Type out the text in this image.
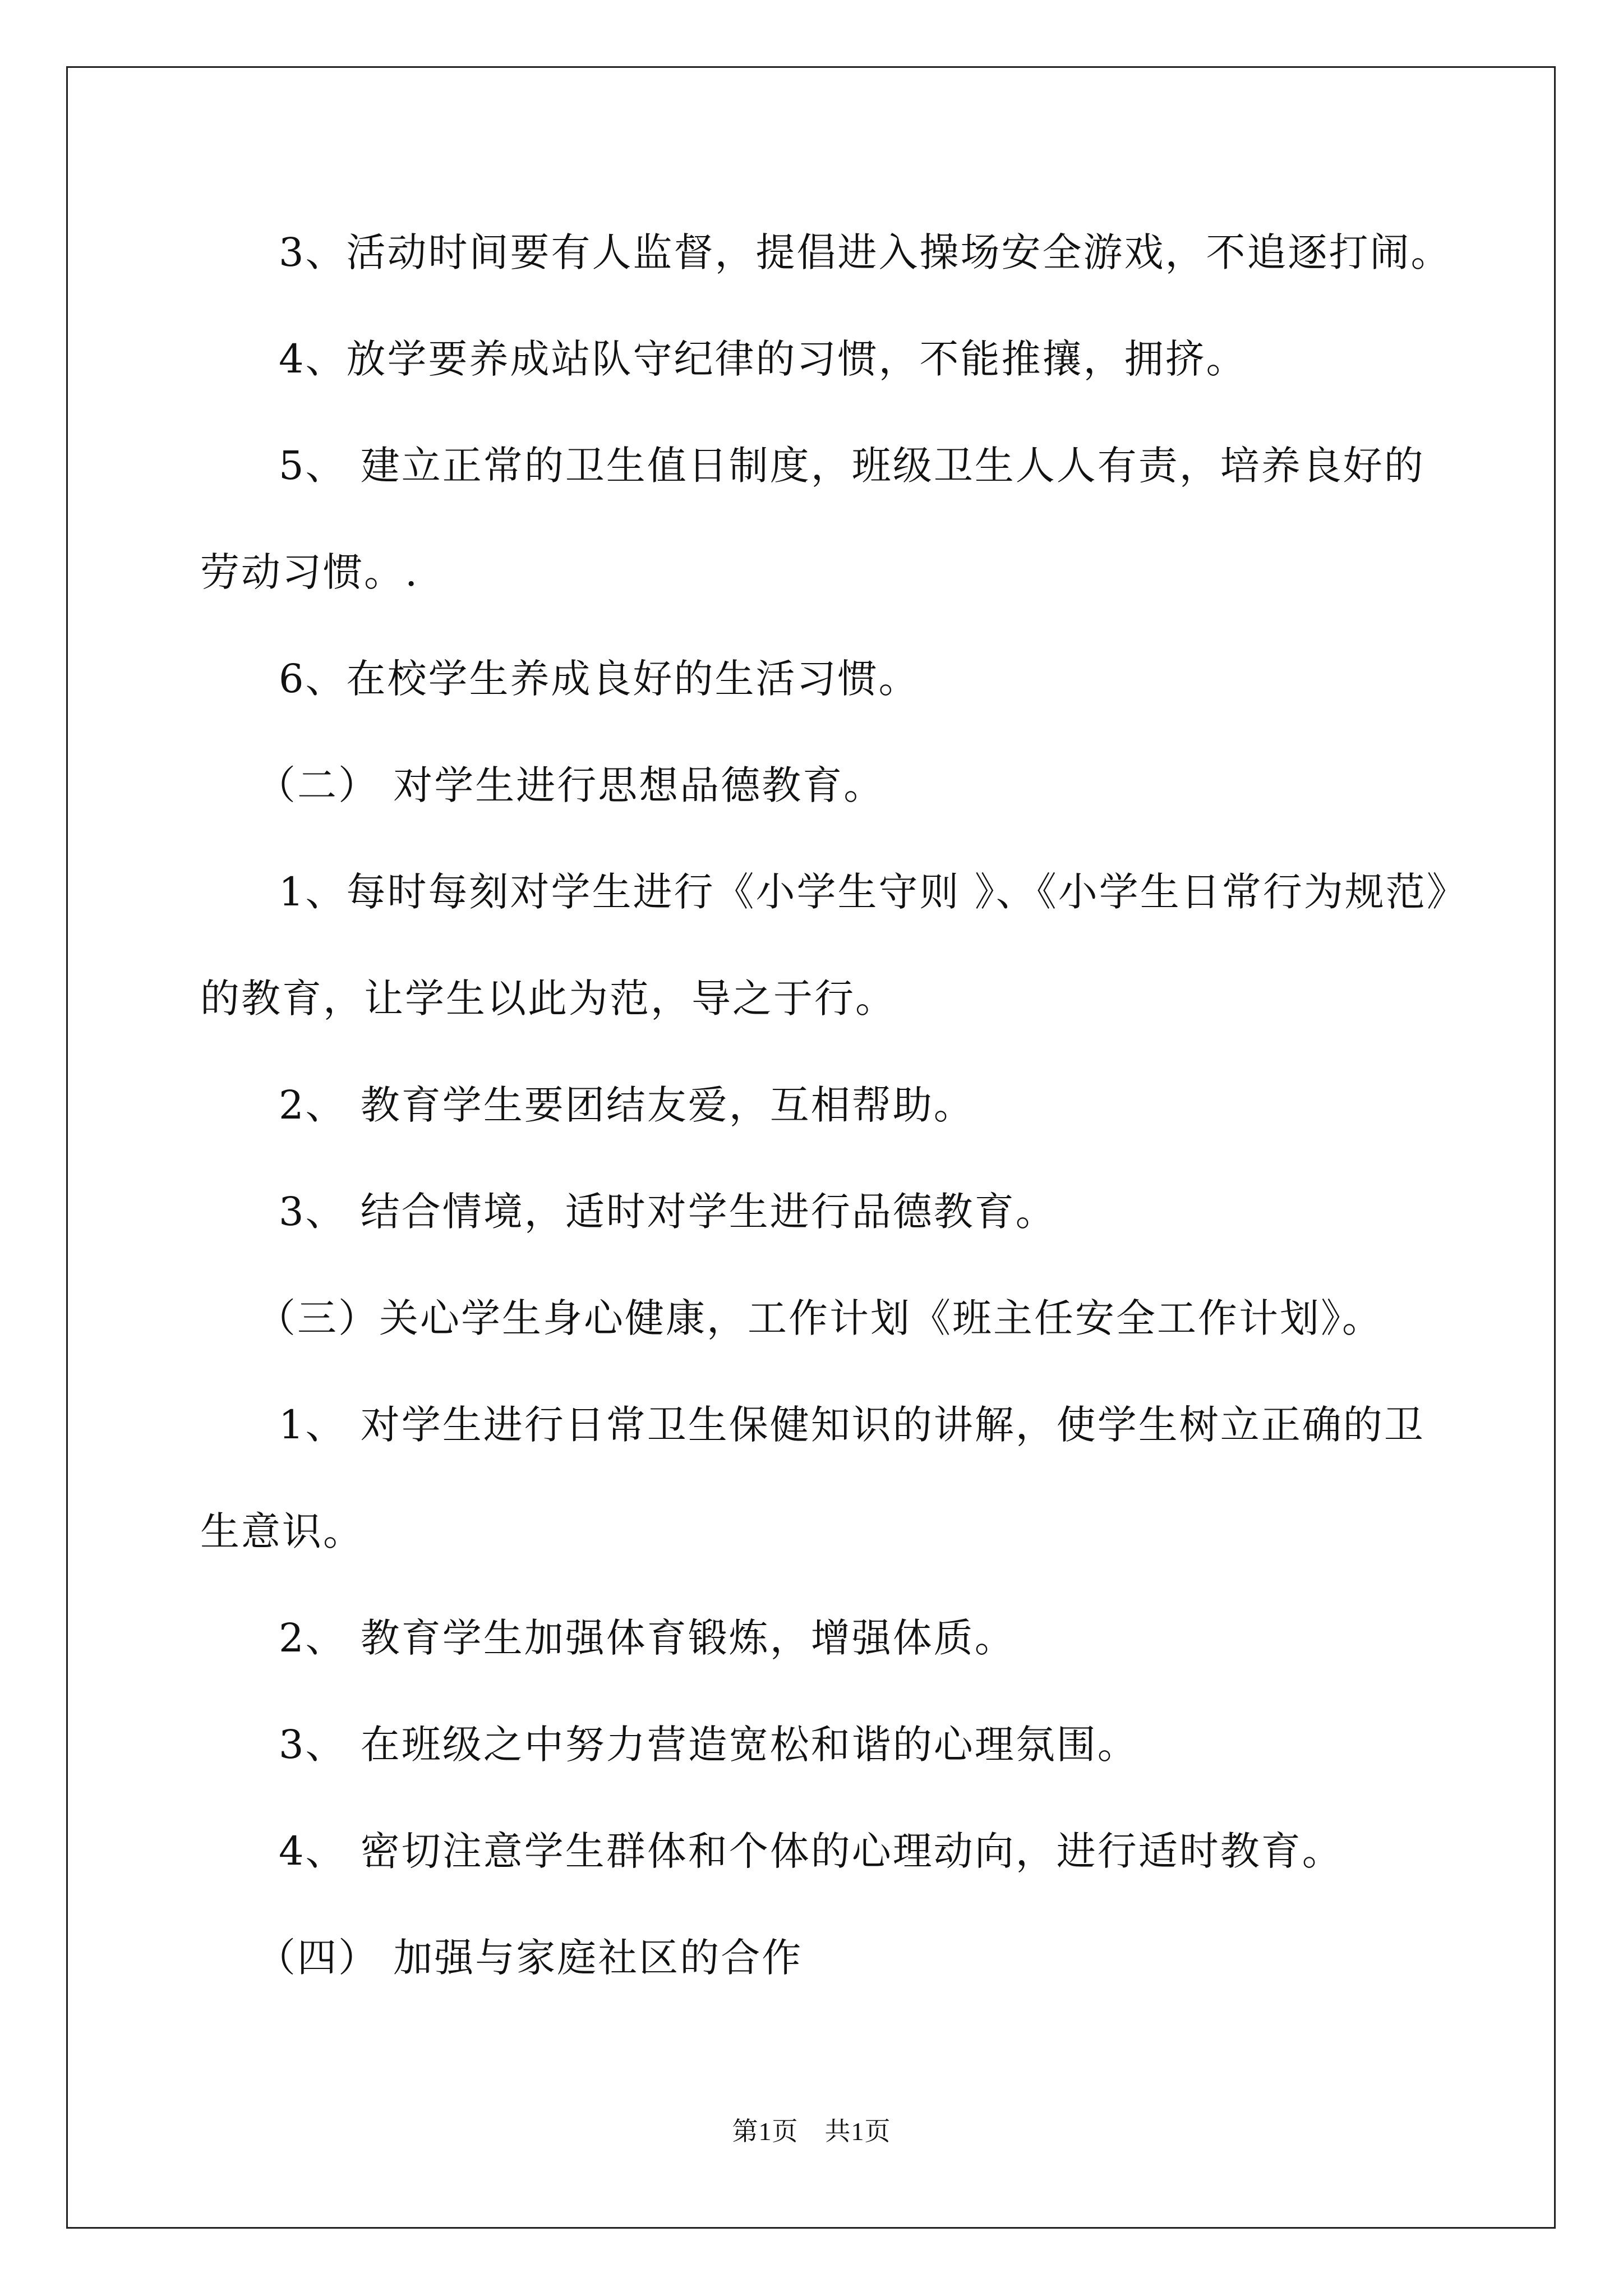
3、活动时间要有人监督，提倡进入操场安全游戏，不追逐打闹。
4、放学要养成站队守纪律的习惯，不能推攘，拥挤。
5、 建立正常的卫生值日制度，班级卫生人人有责，培养良好的
劳动习惯。.
6、在校学生养成良好的生活习惯。
（二） 对学生进行思想品德教育。
1、每时每刻对学生进行《小学生守则 》、《小学生日常行为规范》
的教育，让学生以此为范，导之于行。
2、 教育学生要团结友爱，互相帮助。
3、 结合情境，适时对学生进行品德教育。
（三）关心学生身心健康，工作计划《班主任安全工作计划》。
1、 对学生进行日常卫生保健知识的讲解，使学生树立正确的卫
生意识。
2、 教育学生加强体育锻炼，增强体质。
3、 在班级之中努力营造宽松和谐的心理氛围。
4、 密切注意学生群体和个体的心理动向，进行适时教育。
（四） 加强与家庭社区的合作
第1页　共1页
